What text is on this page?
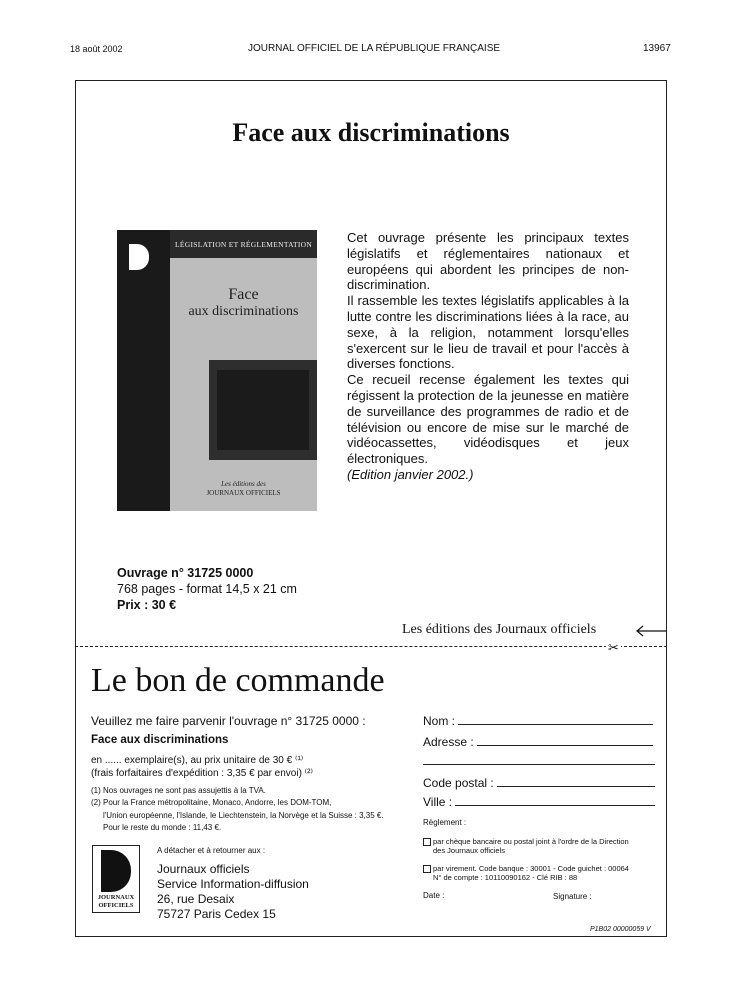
18 août 2002	JOURNAL OFFICIEL DE LA RÉPUBLIQUE FRANÇAISE	13967
Face aux discriminations
LÉGISLATION ET RÉGLEMENTATION
Face
aux discriminations
Les éditions des
JOURNAUX OFFICIELS

Cet ouvrage présente les principaux textes législatifs et réglementaires nationaux et européens qui abordent les principes de non-discrimination.

Il rassemble les textes législatifs applicables à la lutte contre les discriminations liées à la race, au sexe, à la religion, notamment lorsqu'elles s'exercent sur le lieu de travail et pour l'accès à diverses fonctions.

Ce recueil recense également les textes qui régissent la protection de la jeunesse en matière de surveillance des programmes de radio et de télévision ou encore de mise sur le marché de vidéocassettes, vidéodisques et jeux électroniques.

(Edition janvier 2002.)

Ouvrage n° 31725 0000
768 pages - format 14,5 x 21 cm
Prix : 30 €
Les éditions des Journaux officiels
✂
Le bon de commande
Veuillez me faire parvenir l'ouvrage n° 31725 0000 :
Face aux discriminations
en ...... exemplaire(s), au prix unitaire de 30 € ⁽¹⁾
(frais forfaitaires d'expédition : 3,35 € par envoi) ⁽²⁾
(1) Nos ouvrages ne sont pas assujettis à la TVA.
(2) Pour la France métropolitaine, Monaco, Andorre, les DOM-TOM,
l'Union européenne, l'Islande, le Liechtenstein, la Norvège et la Suisse : 3,35 €.
Pour le reste du monde : 11,43 €.
A détacher et à retourner aux :
JOURNAUX
OFFICIELS
Journaux officiels
Service Information-diffusion
26, rue Desaix
75727 Paris Cedex 15
Nom :
Adresse :
Code postal :
Ville :
Règlement :
par chèque bancaire ou postal joint à l'ordre de la Direction
des Journaux officiels
par virement. Code banque : 30001 - Code guichet : 00064
N° de compte : 10110090162 - Clé RIB : 88
Date :	Signature :
P1B02 00000059 V
